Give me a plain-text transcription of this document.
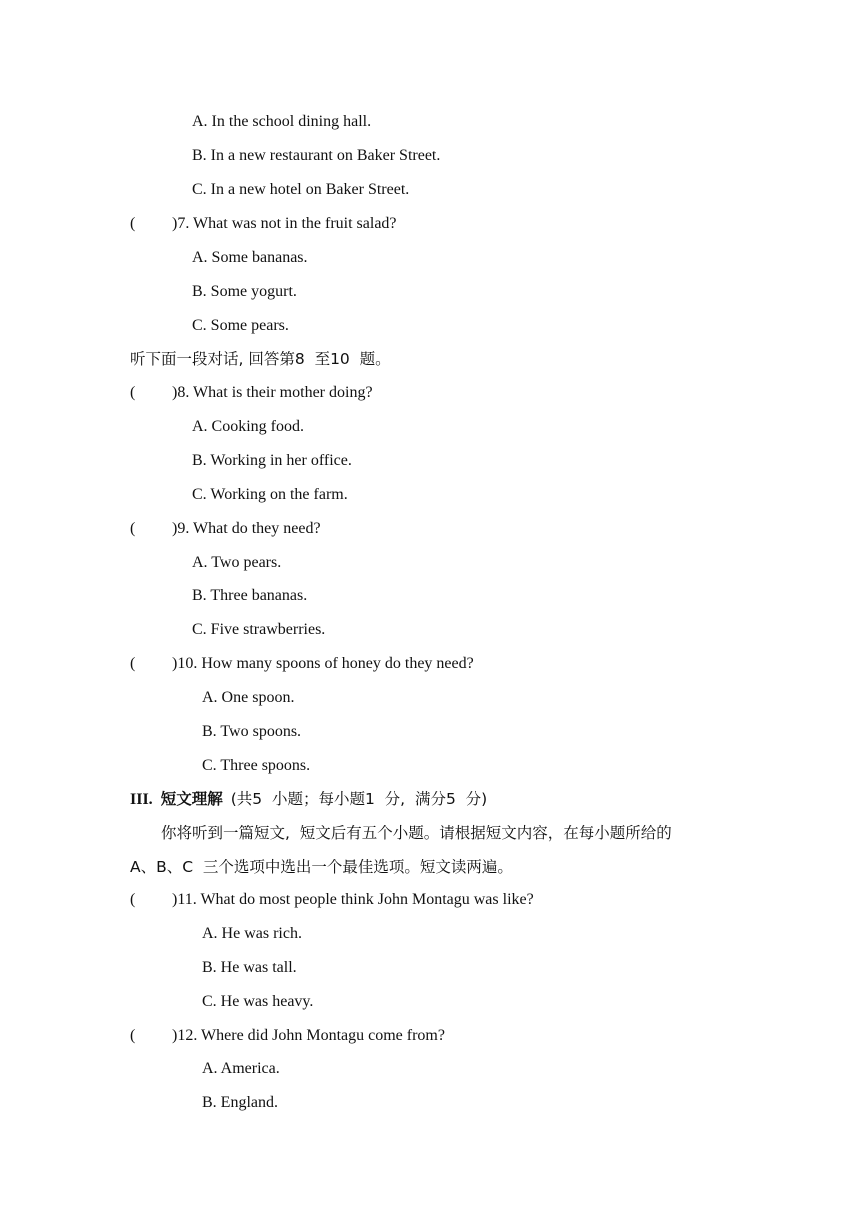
A. In the school dining hall.
B. In a new restaurant on Baker Street.
C. In a new hotel on Baker Street.
( )7. What was not in the fruit salad?
A. Some bananas.
B. Some yogurt.
C. Some pears.
听下面一段对话, 回答第8  至10  题。
( )8. What is their mother doing?
A. Cooking food.
B. Working in her office.
C. Working on the farm.
( )9. What do they need?
A. Two pears.
B. Three bananas.
C. Five strawberries.
( )10. How many spoons of honey do they need?
A. One spoon.
B. Two spoons.
C. Three spoons.
III. 短文理解 (共5  小题；每小题1  分,  满分5  分)
你将听到一篇短文,  短文后有五个小题。请根据短文内容，在每小题所给的
A、B、C  三个选项中选出一个最佳选项。短文读两遍。
( )11. What do most people think John Montagu was like?
A. He was rich.
B. He was tall.
C. He was heavy.
( )12. Where did John Montagu come from?
A. America.
B. England.
